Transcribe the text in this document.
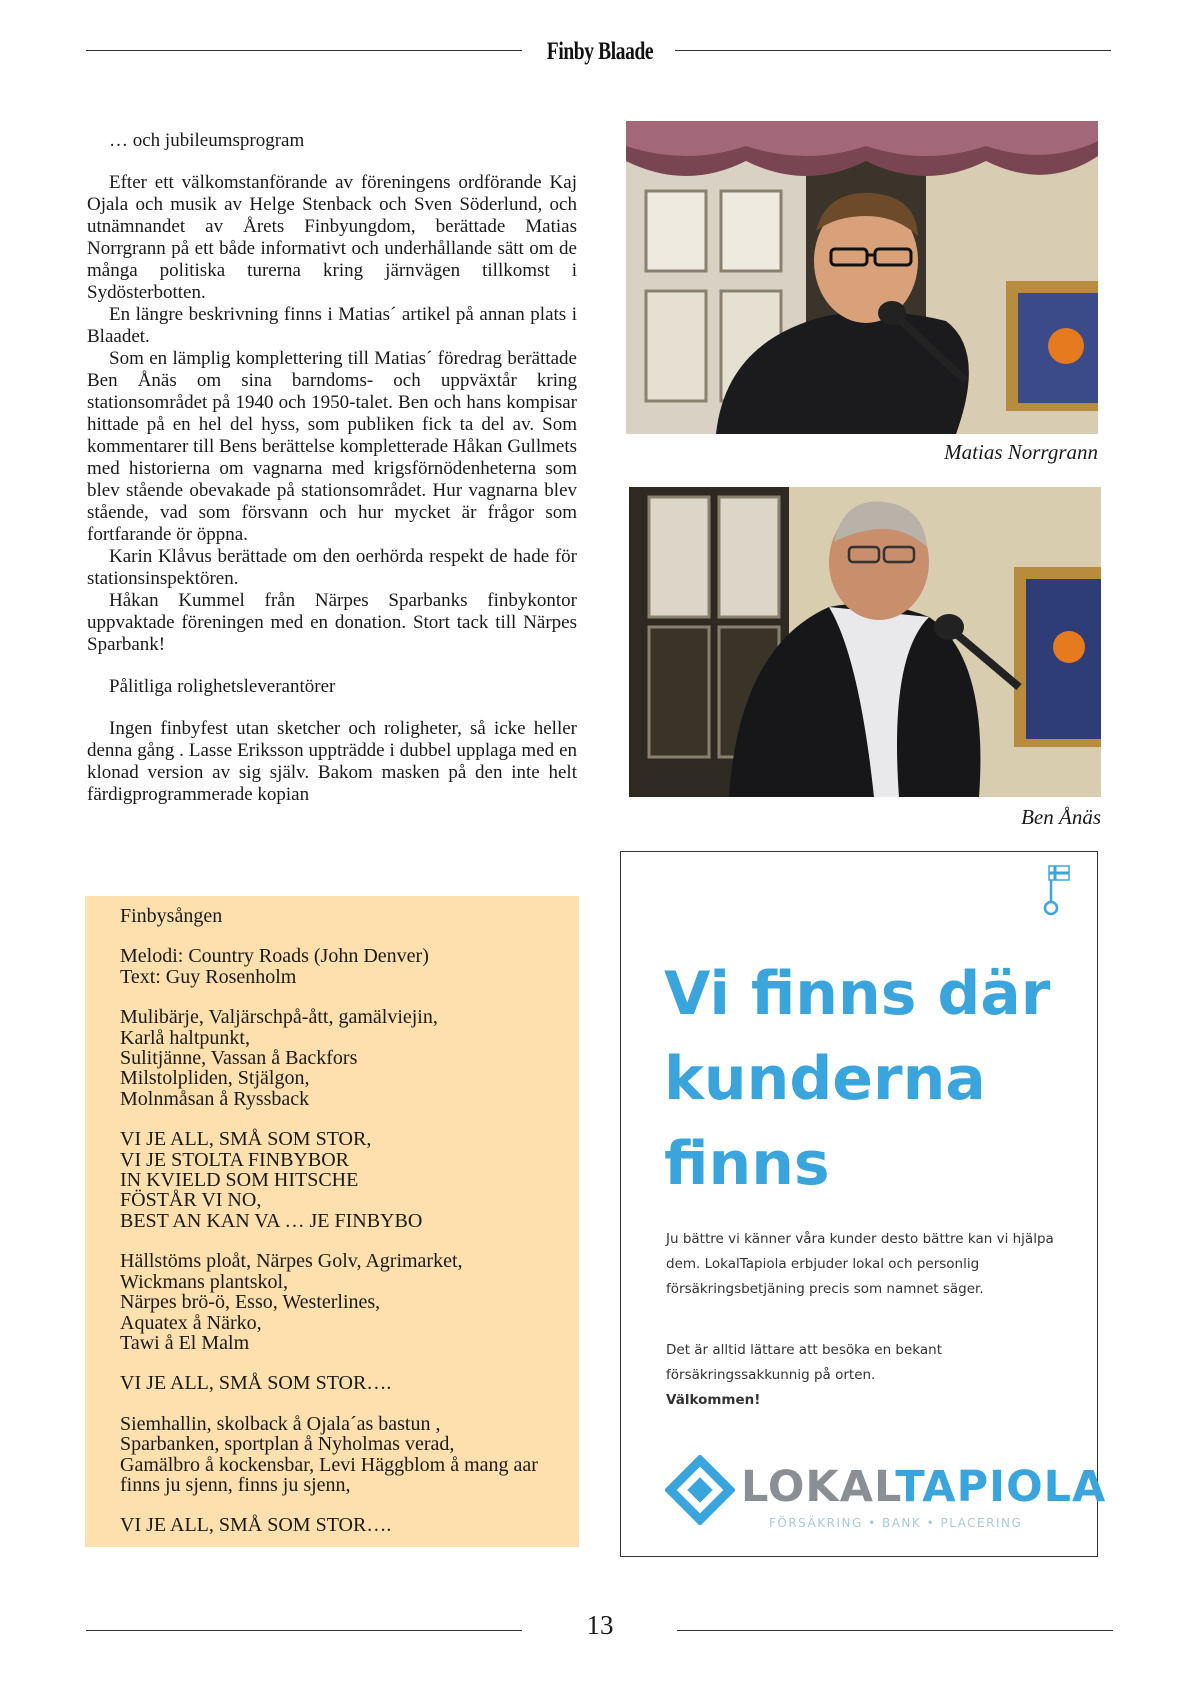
Finby Blaade

… och jubileumsprogram

Efter ett välkomstanförande av föreningens ordförande Kaj Ojala och musik av Helge Stenback och Sven Söderlund, och utnämnandet av Årets Finbyungdom, berättade Matias Norrgrann på ett både informativt och underhållande sätt om de många politiska turerna kring järnvägen tillkomst i Sydösterbotten.

En längre beskrivning finns i Matias´ artikel på annan plats i Blaadet.

Som en lämplig komplettering till Matias´ föredrag berättade Ben Ånäs om sina barndoms- och uppväxtår kring stationsområdet på 1940 och 1950-talet. Ben och hans kompisar hittade på en hel del hyss, som publiken fick ta del av. Som kommentarer till Bens berättelse kompletterade Håkan Gullmets med historierna om vagnarna med krigsförnödenheterna som blev stående obevakade på stationsområdet. Hur vagnarna blev stående, vad som försvann och hur mycket är frågor som fortfarande ör öppna.

Karin Klåvus berättade om den oerhörda respekt de hade för stationsinspektören.

Håkan Kummel från Närpes Sparbanks finbykontor uppvaktade föreningen med en donation. Stort tack till Närpes Sparbank!

Pålitliga rolighetsleverantörer

Ingen finbyfest utan sketcher och roligheter, så icke heller denna gång . Lasse Eriksson uppträdde i dubbel upplaga med en klonad version av sig själv. Bakom masken på den inte helt färdigprogrammerade kopian

Matias Norrgrann
Ben Ånäs
Finbysången
Melodi: Country Roads (John Denver)
Text: Guy Rosenholm
Mulibärje, Valjärschpå-ått, gamälviejin,
Karlå haltpunkt,
Sulitjänne, Vassan å Backfors
Milstolpliden, Stjälgon,
Molnmåsan å Ryssback
VI JE ALL, SMÅ SOM STOR,
VI JE STOLTA FINBYBOR
IN KVIELD SOM HITSCHE
FÖSTÅR VI NO,
BEST AN KAN VA … JE FINBYBO
Hällstöms ploåt, Närpes Golv, Agrimarket,
Wickmans plantskol,
Närpes brö-ö, Esso, Westerlines,
Aquatex å Närko,
Tawi å El Malm
VI JE ALL, SMÅ SOM STOR….
Siemhallin, skolback å Ojala´as bastun ,
Sparbanken, sportplan å Nyholmas verad,
Gamälbro å kockensbar, Levi Häggblom å mang aar
finns ju sjenn, finns ju sjenn,
VI JE ALL, SMÅ SOM STOR….
Vi finns där
kunderna
finns
Ju bättre vi känner våra kunder desto bättre kan vi hjälpa dem. LokalTapiola erbjuder lokal och personlig försäkringsbetjäning precis som namnet säger.
Det är alltid lättare att besöka en bekant försäkringssakkunnig på orten.
Välkommen!
LOKALTAPIOLA
FÖRSÄKRING • BANK • PLACERING
13
